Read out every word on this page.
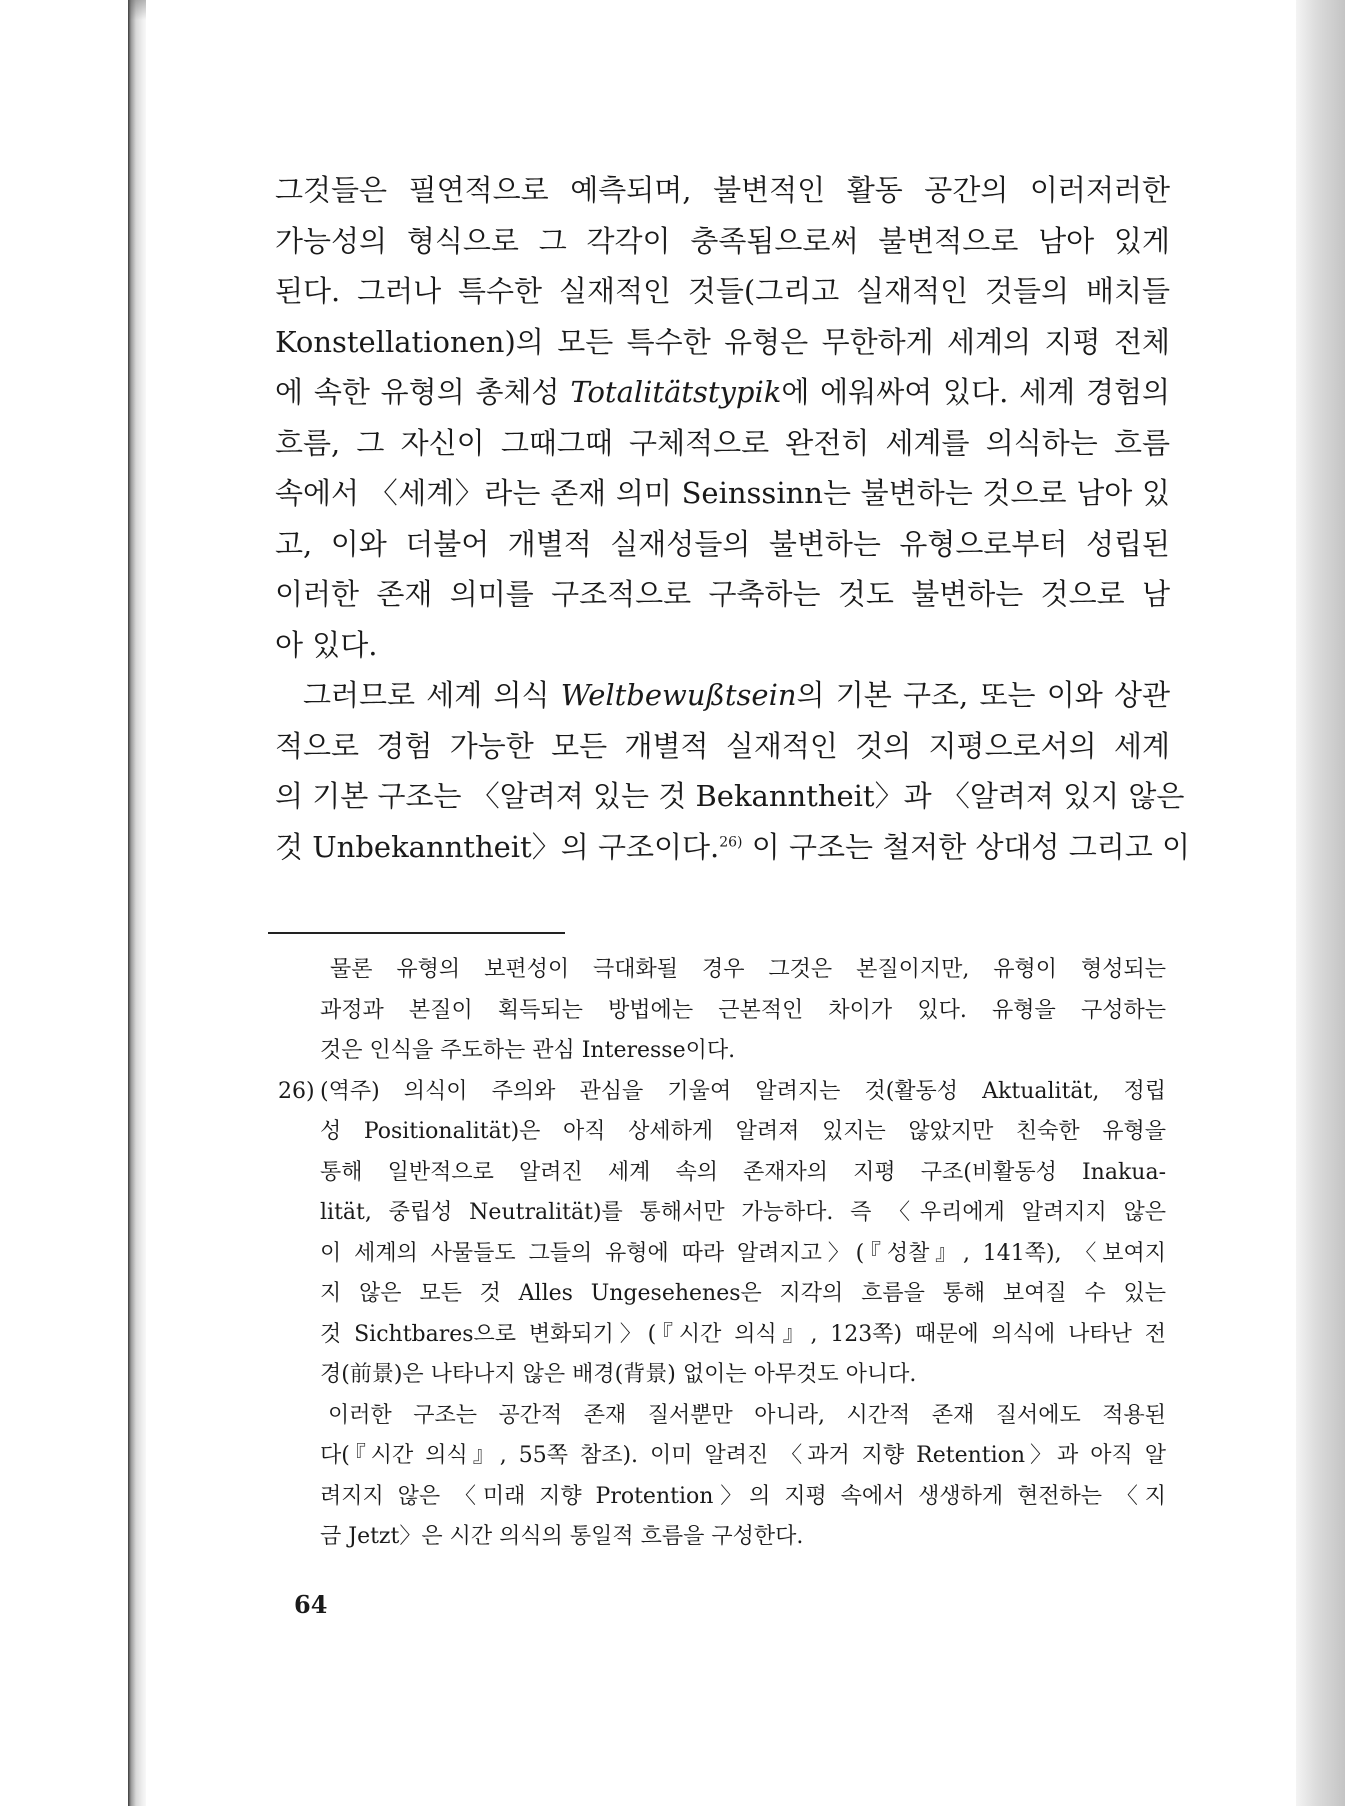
그것들은 필연적으로 예측되며, 불변적인 활동 공간의 이러저러한
가능성의 형식으로 그 각각이 충족됨으로써 불변적으로 남아 있게
된다. 그러나 특수한 실재적인 것들(그리고 실재적인 것들의 배치들
Konstellationen)의 모든 특수한 유형은 무한하게 세계의 지평 전체
에 속한 유형의 총체성 Totalitätstypik에 에워싸여 있다. 세계 경험의
흐름, 그 자신이 그때그때 구체적으로 완전히 세계를 의식하는 흐름
속에서 〈세계〉라는 존재 의미 Seinssinn는 불변하는 것으로 남아 있
고, 이와 더불어 개별적 실재성들의 불변하는 유형으로부터 성립된
이러한 존재 의미를 구조적으로 구축하는 것도 불변하는 것으로 남
아 있다.
그러므로 세계 의식 Weltbewußtsein의 기본 구조, 또는 이와 상관
적으로 경험 가능한 모든 개별적 실재적인 것의 지평으로서의 세계
의 기본 구조는 〈알려져 있는 것 Bekanntheit〉과 〈알려져 있지 않은
것 Unbekanntheit〉의 구조이다.$^{26)}$ 이 구조는 철저한 상대성 그리고 이
물론 유형의 보편성이 극대화될 경우 그것은 본질이지만, 유형이 형성되는
과정과 본질이 획득되는 방법에는 근본적인 차이가 있다. 유형을 구성하는
것은 인식을 주도하는 관심 Interesse이다.
26) (역주) 의식이 주의와 관심을 기울여 알려지는 것(활동성 Aktualität, 정립
성 Positionalität)은 아직 상세하게 알려져 있지는 않았지만 친숙한 유형을
통해 일반적으로 알려진 세계 속의 존재자의 지평 구조(비활동성 Inakua-
lität, 중립성 Neutralität)를 통해서만 가능하다. 즉 〈우리에게 알려지지 않은
이 세계의 사물들도 그들의 유형에 따라 알려지고〉(『성찰』, 141쪽), 〈보여지
지 않은 모든 것 Alles Ungesehenes은 지각의 흐름을 통해 보여질 수 있는
것 Sichtbares으로 변화되기〉(『시간 의식』, 123쪽) 때문에 의식에 나타난 전
경(前景)은 나타나지 않은 배경(背景) 없이는 아무것도 아니다.
이러한 구조는 공간적 존재 질서뿐만 아니라, 시간적 존재 질서에도 적용된
다(『시간 의식』, 55쪽 참조). 이미 알려진 〈과거 지향 Retention〉과 아직 알
려지지 않은 〈미래 지향 Protention〉의 지평 속에서 생생하게 현전하는 〈지
금 Jetzt〉은 시간 의식의 통일적 흐름을 구성한다.
64
